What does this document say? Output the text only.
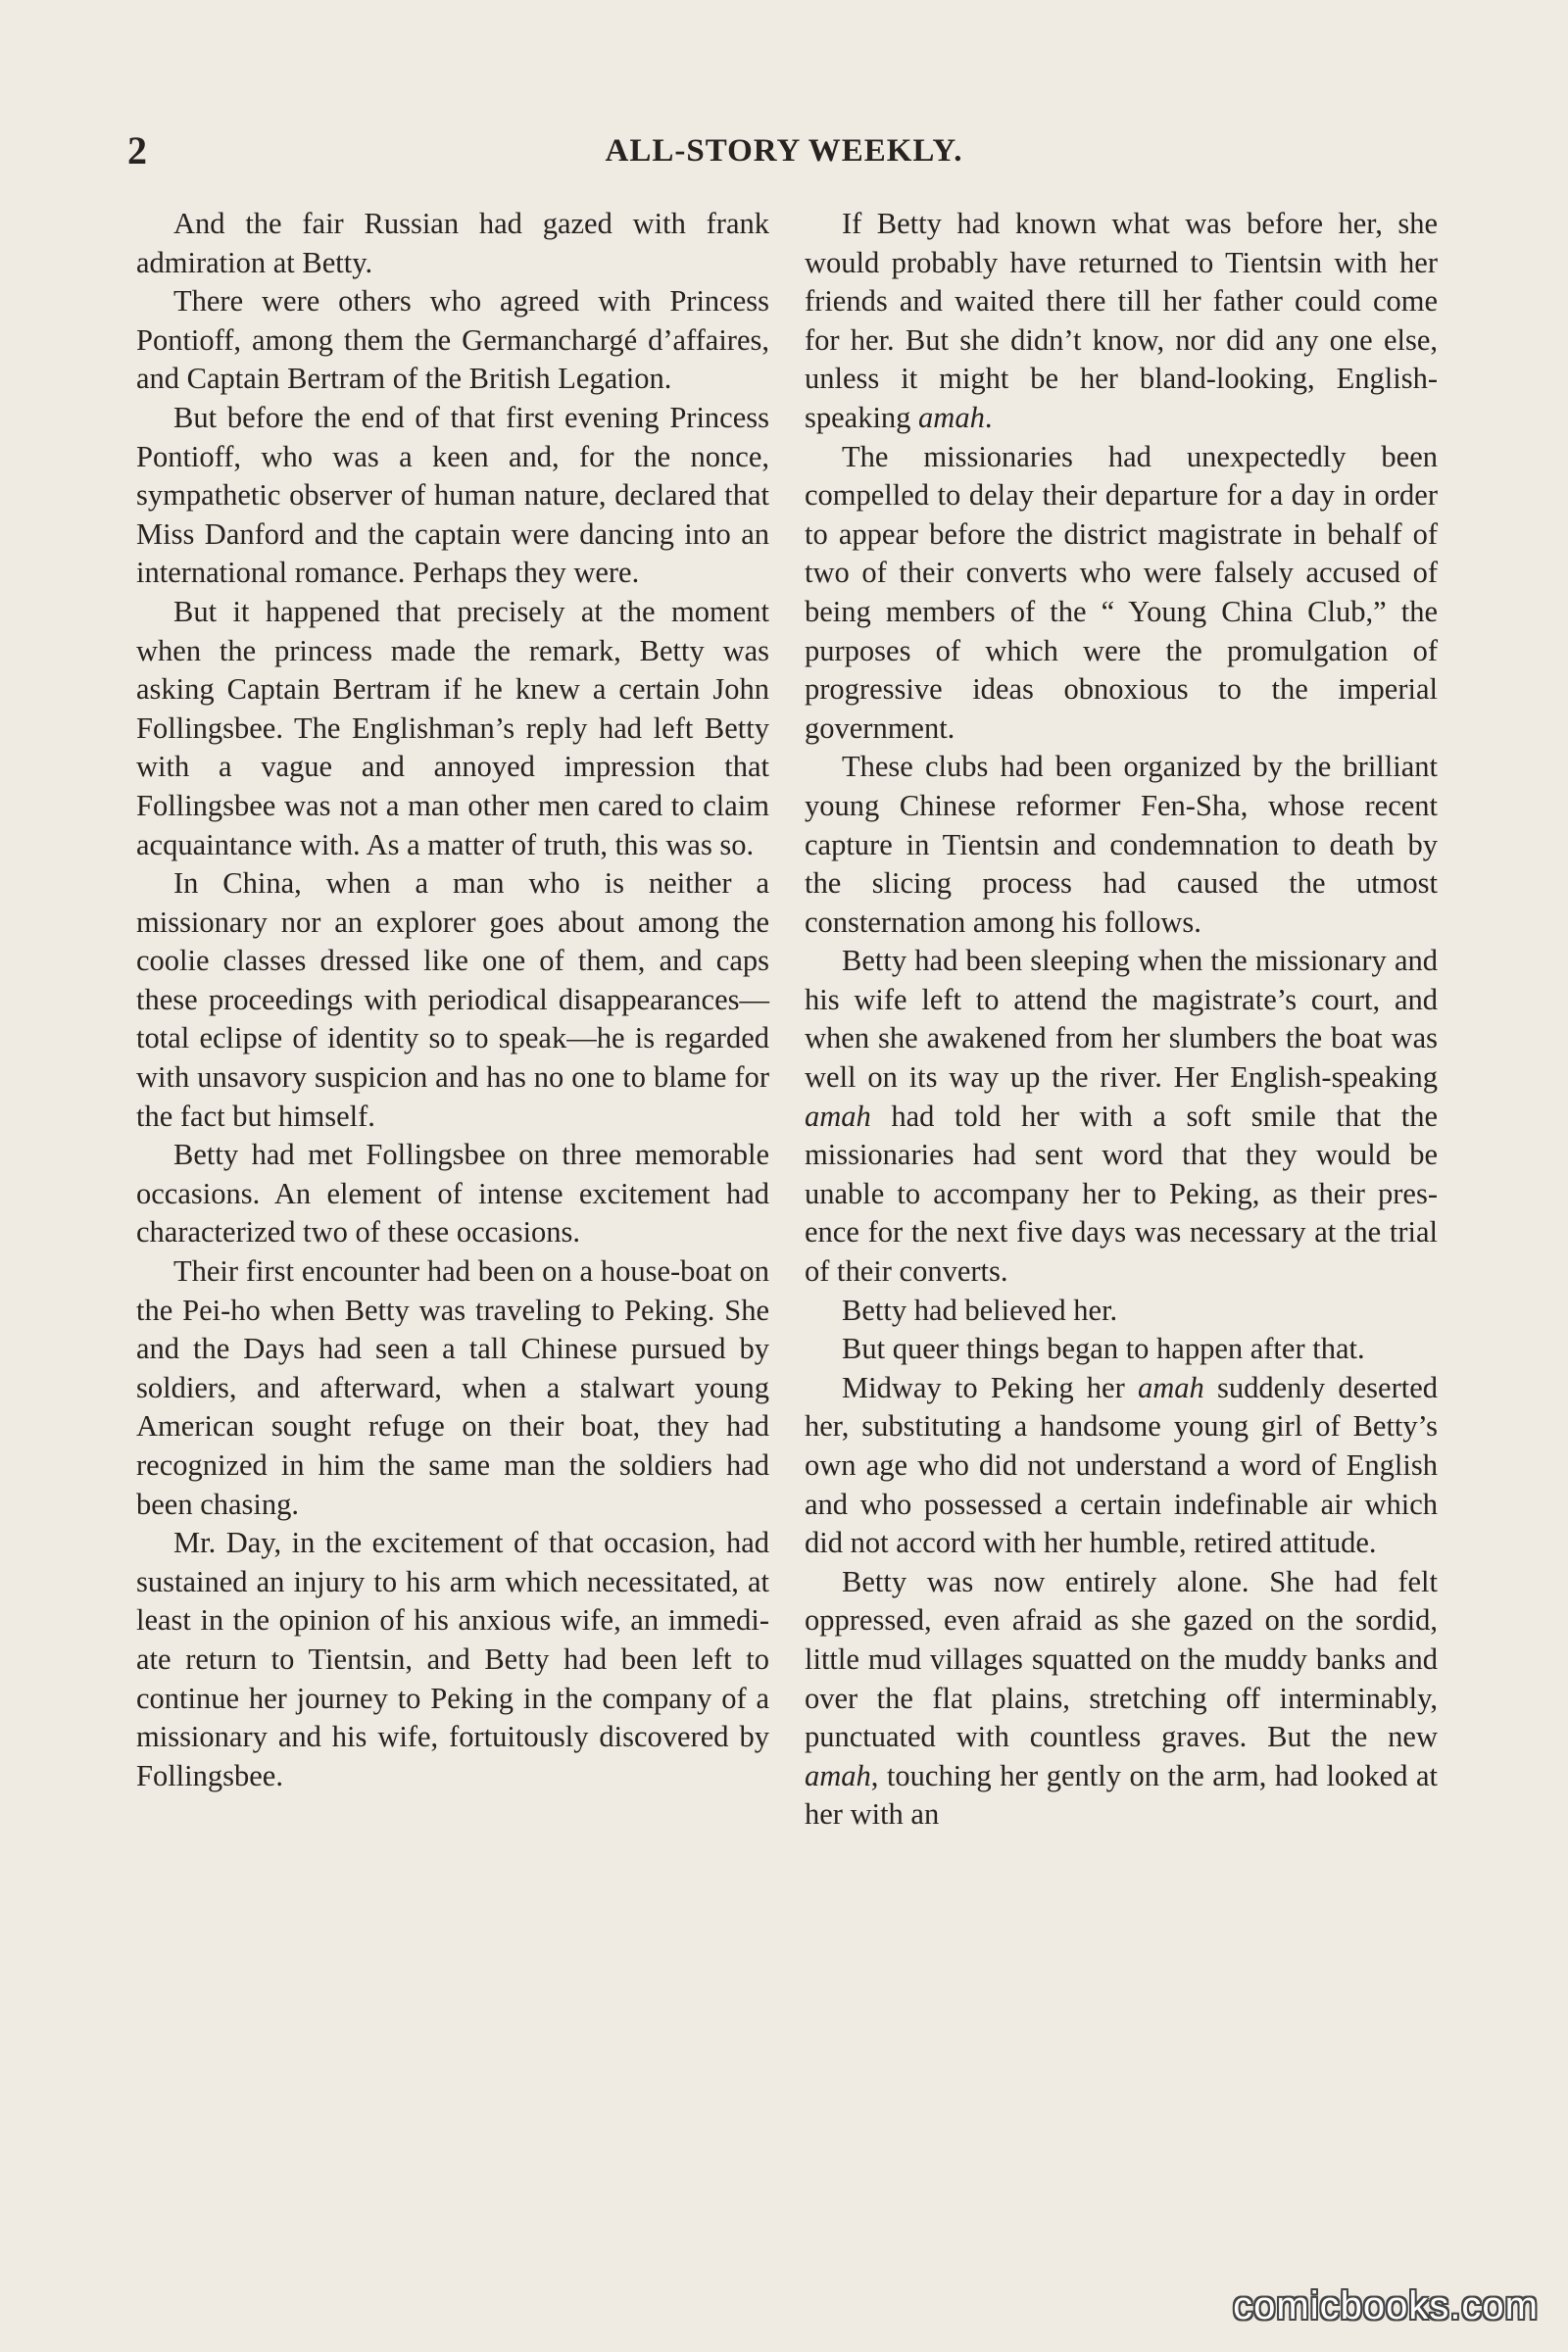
2	ALL-STORY WEEKLY.

And the fair Russian had gazed with frank admiration at Betty.

There were others who agreed with Princess Pontioff, among them the Germanchargé d’affaires, and Captain Bertram of the British Legation.

But before the end of that first evening Princess Pontioff, who was a keen and, for the nonce, sympathetic observer of human nature, declared that Miss Danford and the captain were dancing into an international romance. Perhaps they were.

But it happened that precisely at the moment when the princess made the remark, Betty was asking Captain Bertram if he knew a certain John Follingsbee. The Englishman’s reply had left Betty with a vague and annoyed impression that Follingsbee was not a man other men cared to claim acquaintance with. As a matter of truth, this was so.

In China, when a man who is neither a missionary nor an explorer goes about among the coolie classes dressed like one of them, and caps these proceedings with periodical disappearances—total eclipse of identity so to speak—he is regarded with unsavory suspicion and has no one to blame for the fact but himself.

Betty had met Follingsbee on three memorable occasions. An element of intense excitement had characterized two of these occasions.

Their first encounter had been on a house-boat on the Pei-ho when Betty was traveling to Peking. She and the Days had seen a tall Chinese pursued by soldiers, and afterward, when a stalwart young American sought refuge on their boat, they had recognized in him the same man the soldiers had been chasing.

Mr. Day, in the excitement of that occasion, had sustained an injury to his arm which necessitated, at least in the opinion of his anxious wife, an immediate return to Tientsin, and Betty had been left to continue her journey to Peking in the company of a missionary and his wife, fortuitously discovered by Follingsbee.

If Betty had known what was before her, she would probably have returned to Tientsin with her friends and waited there till her father could come for her. But she didn’t know, nor did any one else, unless it might be her bland-looking, English-speaking amah.

The missionaries had unexpectedly been compelled to delay their departure for a day in order to appear before the district magistrate in behalf of two of their converts who were falsely accused of being members of the “ Young China Club,” the purposes of which were the promulgation of progressive ideas obnoxious to the imperial government.

These clubs had been organized by the brilliant young Chinese reformer Fen-Sha, whose recent capture in Tientsin and condemnation to death by the slicing process had caused the utmost consternation among his follows.

Betty had been sleeping when the missionary and his wife left to attend the magistrate’s court, and when she awakened from her slumbers the boat was well on its way up the river. Her English-speaking amah had told her with a soft smile that the missionaries had sent word that they would be unable to accompany her to Peking, as their presence for the next five days was necessary at the trial of their converts.

Betty had believed her.

But queer things began to happen after that.

Midway to Peking her amah suddenly deserted her, substituting a handsome young girl of Betty’s own age who did not understand a word of English and who possessed a certain indefinable air which did not accord with her humble, retired attitude.

Betty was now entirely alone. She had felt oppressed, even afraid as she gazed on the sordid, little mud villages squatted on the muddy banks and over the flat plains, stretching off interminably, punctuated with countless graves. But the new amah, touching her gently on the arm, had looked at her with an

comicbooks.com
